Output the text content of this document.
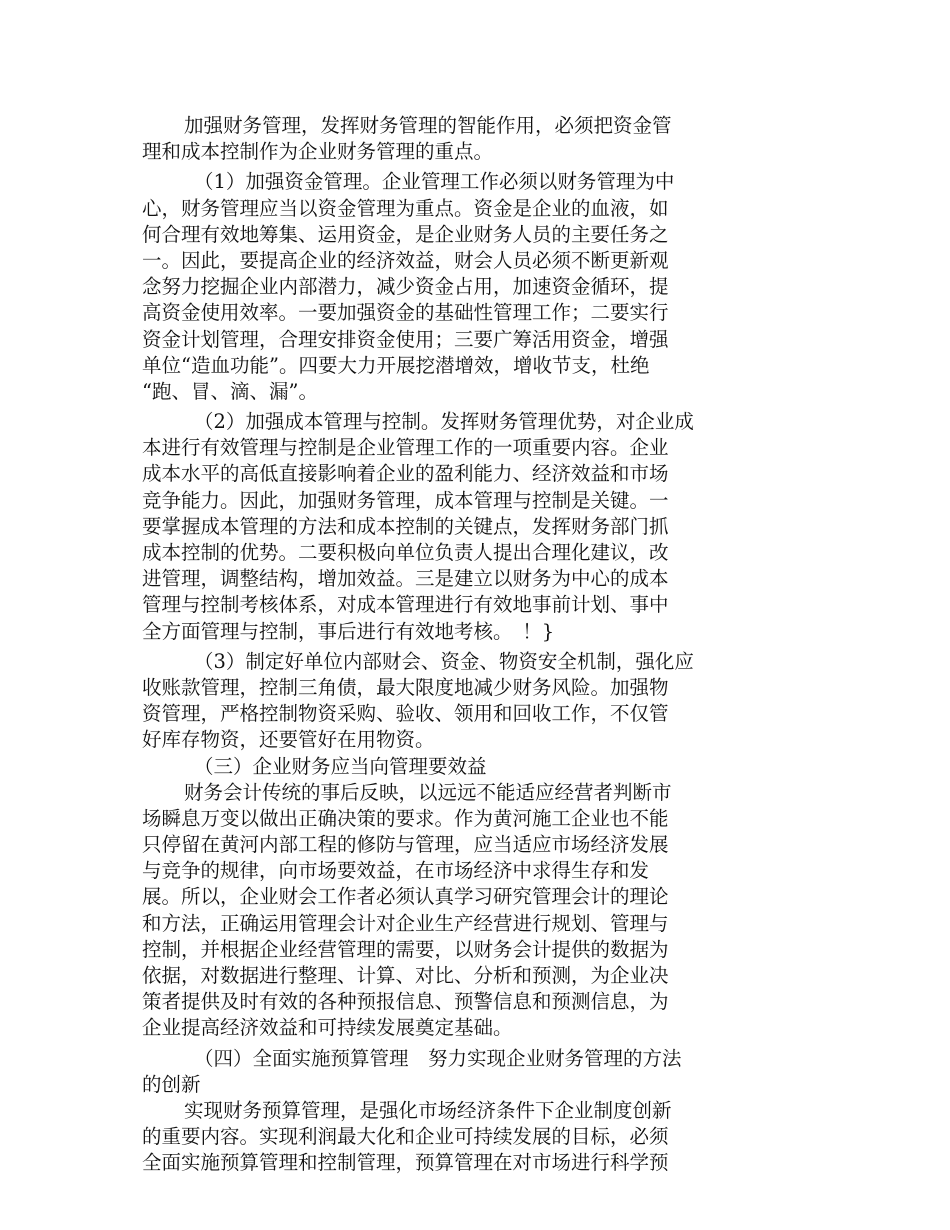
加强财务管理，发挥财务管理的智能作用，必须把资金管
理和成本控制作为企业财务管理的重点。
（1）加强资金管理。企业管理工作必须以财务管理为中
心，财务管理应当以资金管理为重点。资金是企业的血液，如
何合理有效地筹集、运用资金，是企业财务人员的主要任务之
一。因此，要提高企业的经济效益，财会人员必须不断更新观
念努力挖掘企业内部潜力，减少资金占用，加速资金循环，提
高资金使用效率。一要加强资金的基础性管理工作；二要实行
资金计划管理，合理安排资金使用；三要广筹活用资金，增强
单位“造血功能”。四要大力开展挖潜增效，增收节支，杜绝
“跑、冒、滴、漏”。
（2）加强成本管理与控制。发挥财务管理优势，对企业成
本进行有效管理与控制是企业管理工作的一项重要内容。企业
成本水平的高低直接影响着企业的盈利能力、经济效益和市场
竞争能力。因此，加强财务管理，成本管理与控制是关键。一
要掌握成本管理的方法和成本控制的关键点，发挥财务部门抓
成本控制的优势。二要积极向单位负责人提出合理化建议，改
进管理，调整结构，增加效益。三是建立以财务为中心的成本
管理与控制考核体系，对成本管理进行有效地事前计划、事中
全方面管理与控制，事后进行有效地考核。　！}
（3）制定好单位内部财会、资金、物资安全机制，强化应
收账款管理，控制三角债，最大限度地减少财务风险。加强物
资管理，严格控制物资采购、验收、领用和回收工作，不仅管
好库存物资，还要管好在用物资。
（三）企业财务应当向管理要效益
财务会计传统的事后反映，以远远不能适应经营者判断市
场瞬息万变以做出正确决策的要求。作为黄河施工企业也不能
只停留在黄河内部工程的修防与管理，应当适应市场经济发展
与竞争的规律，向市场要效益，在市场经济中求得生存和发
展。所以，企业财会工作者必须认真学习研究管理会计的理论
和方法，正确运用管理会计对企业生产经营进行规划、管理与
控制，并根据企业经营管理的需要，以财务会计提供的数据为
依据，对数据进行整理、计算、对比、分析和预测，为企业决
策者提供及时有效的各种预报信息、预警信息和预测信息，为
企业提高经济效益和可持续发展奠定基础。
（四）全面实施预算管理　努力实现企业财务管理的方法
的创新
实现财务预算管理，是强化市场经济条件下企业制度创新
的重要内容。实现利润最大化和企业可持续发展的目标，必须
全面实施预算管理和控制管理，预算管理在对市场进行科学预
